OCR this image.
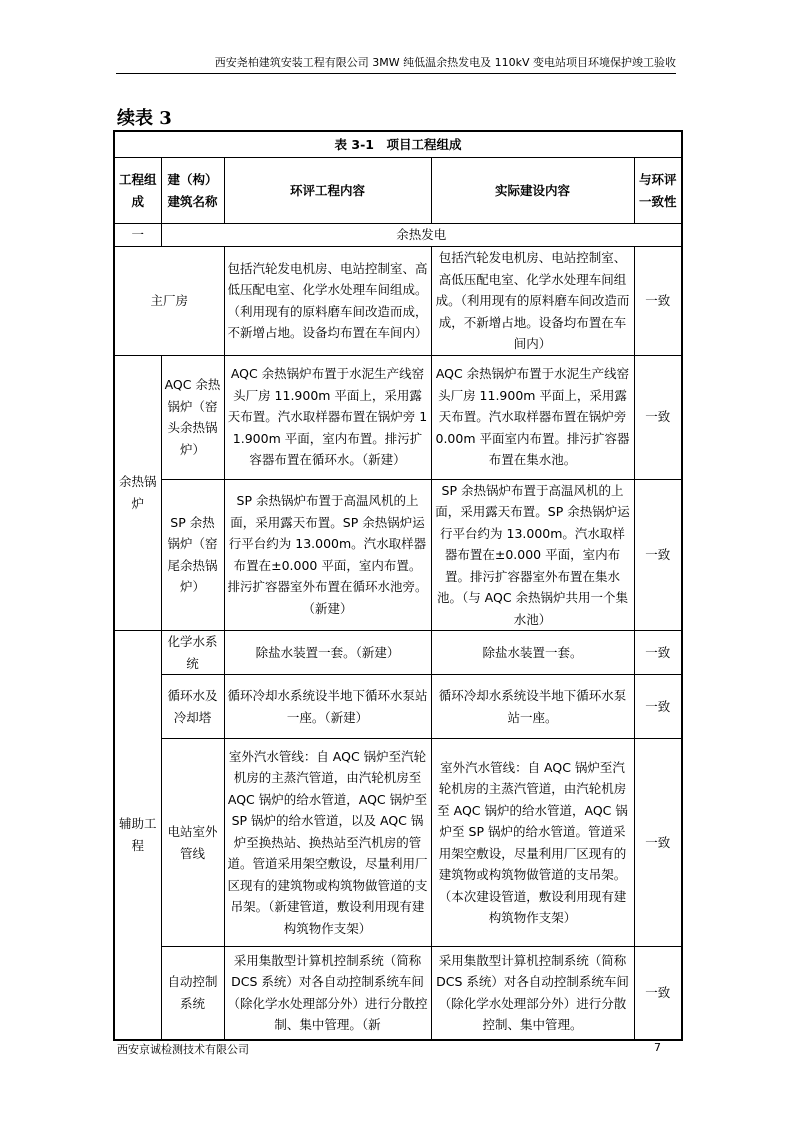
西安尧柏建筑安装工程有限公司 3MW 纯低温余热发电及 110kV 变电站项目环境保护竣工验收
续表 3
表 3-1　项目工程组成				
工程组成	建（构）建筑名称	环评工程内容	实际建设内容	与环评一致性
一	余热发电			
主厂房		包括汽轮发电机房、电站控制室、高低压配电室、化学水处理车间组成。（利用现有的原料磨车间改造而成，不新增占地。设备均布置在车间内）	包括汽轮发电机房、电站控制室、高低压配电室、化学水处理车间组成。（利用现有的原料磨车间改造而成，不新增占地。设备均布置在车间内）	一致
余热锅炉	AQC 余热锅炉（窑头余热锅炉）	AQC 余热锅炉布置于水泥生产线窑头厂房 11.900m 平面上，采用露天布置。汽水取样器布置在锅炉旁 11.900m 平面，室内布置。排污扩容器布置在循环水。（新建）	AQC 余热锅炉布置于水泥生产线窑头厂房 11.900m 平面上，采用露天布置。汽水取样器布置在锅炉旁 0.00m 平面室内布置。排污扩容器布置在集水池。	一致
	SP 余热锅炉（窑尾余热锅炉）	SP 余热锅炉布置于高温风机的上面，采用露天布置。SP 余热锅炉运行平台约为 13.000m。汽水取样器布置在±0.000 平面，室内布置。排污扩容器室外布置在循环水池旁。（新建）	SP 余热锅炉布置于高温风机的上面，采用露天布置。SP 余热锅炉运行平台约为 13.000m。汽水取样器布置在±0.000 平面，室内布置。排污扩容器室外布置在集水池。（与 AQC 余热锅炉共用一个集水池）	一致
辅助工程	化学水系统	除盐水装置一套。（新建）	除盐水装置一套。	一致
	循环水及冷却塔	循环冷却水系统设半地下循环水泵站一座。（新建）	循环冷却水系统设半地下循环水泵站一座。	一致
	电站室外管线	室外汽水管线：自 AQC 锅炉至汽轮机房的主蒸汽管道，由汽轮机房至 AQC 锅炉的给水管道，AQC 锅炉至 SP 锅炉的给水管道，以及 AQC 锅炉至换热站、换热站至汽机房的管道。管道采用架空敷设，尽量利用厂区现有的建筑物或构筑物做管道的支吊架。（新建管道，敷设利用现有建构筑物作支架）	室外汽水管线：自 AQC 锅炉至汽轮机房的主蒸汽管道，由汽轮机房至 AQC 锅炉的给水管道，AQC 锅炉至 SP 锅炉的给水管道。管道采用架空敷设，尽量利用厂区现有的建筑物或构筑物做管道的支吊架。（本次建设管道，敷设利用现有建构筑物作支架）	一致
	自动控制系统	采用集散型计算机控制系统（简称 DCS 系统）对各自动控制系统车间（除化学水处理部分外）进行分散控制、集中管理。（新	采用集散型计算机控制系统（简称 DCS 系统）对各自动控制系统车间（除化学水处理部分外）进行分散控制、集中管理。	一致
西安京诚检测技术有限公司	7
